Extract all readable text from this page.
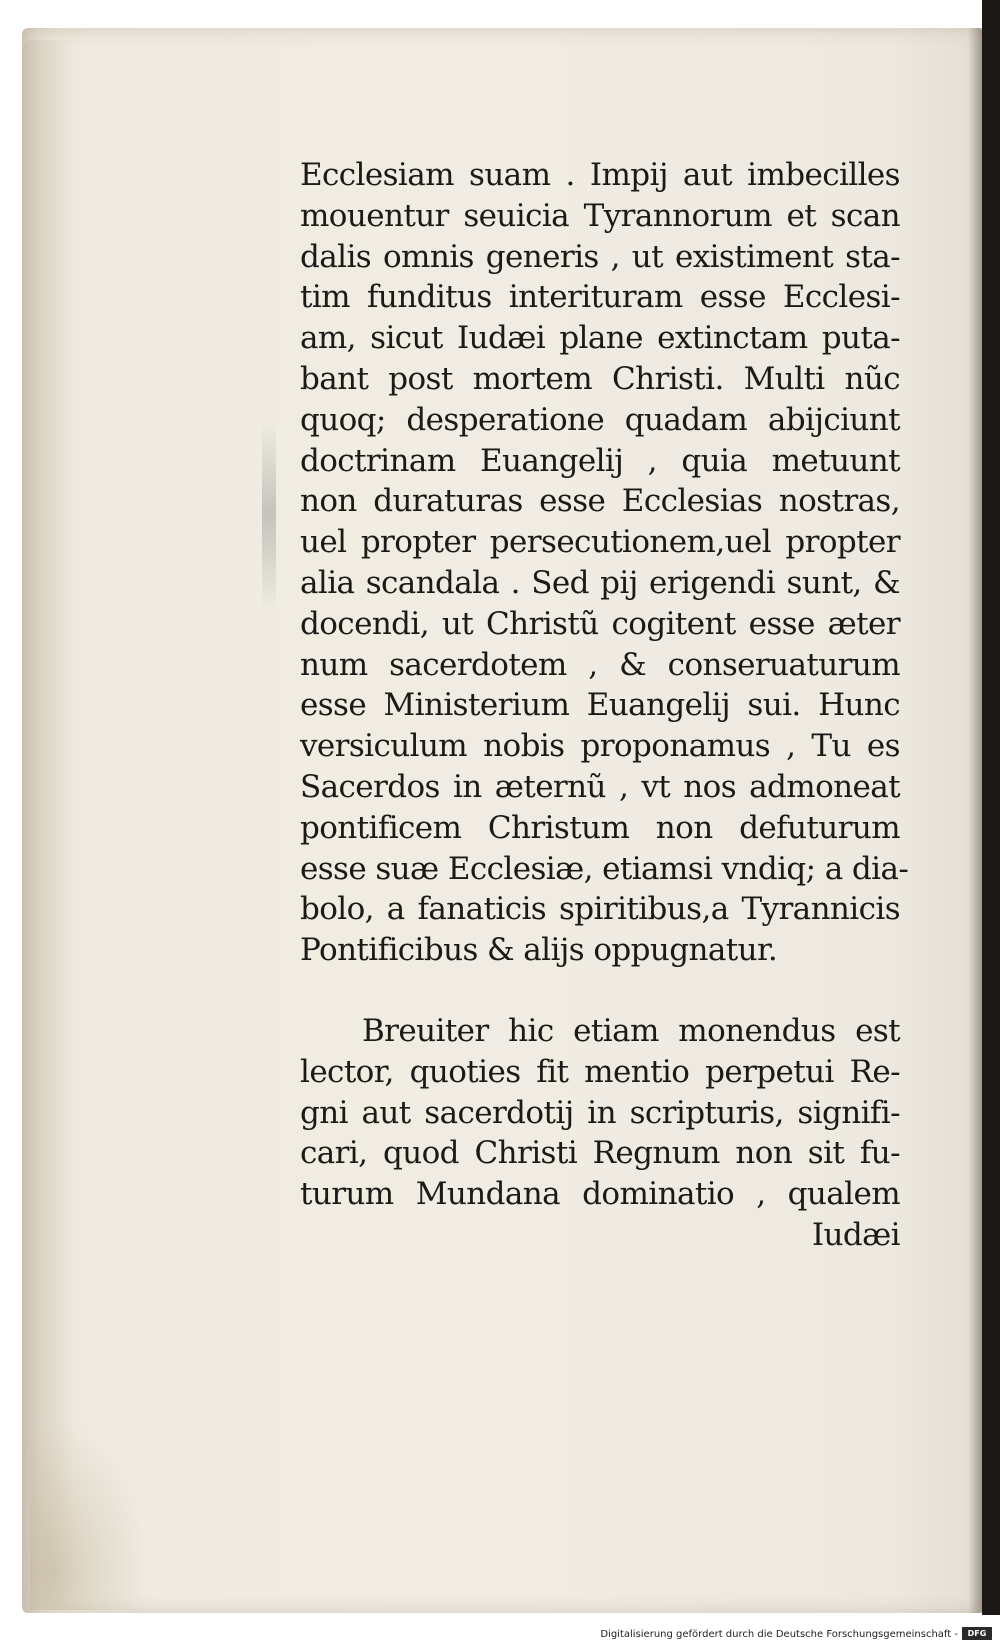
Ecclesiam suam . Impij aut imbecilles
mouentur seuicia Tyrannorum et scan
dalis omnis generis , ut existiment sta-
tim funditus interituram esse Ecclesi-
am, sicut Iudæi plane extinctam puta-
bant post mortem Christi. Multi nũc
quoq; desperatione quadam abijciunt
doctrinam Euangelij , quia metuunt
non duraturas esse Ecclesias nostras,
uel propter persecutionem,uel propter
alia scandala . Sed pij erigendi sunt, &
docendi, ut Christũ cogitent esse æter
num sacerdotem , & conseruaturum
esse Ministerium Euangelij sui. Hunc
versiculum nobis proponamus , Tu es
Sacerdos in æternũ , vt nos admoneat
pontificem Christum non defuturum
esse suæ Ecclesiæ, etiamsi vndiq; a dia-
bolo, a fanaticis spiritibus,a Tyrannicis
Pontificibus & alijs oppugnatur.
Breuiter hic etiam monendus est
lector, quoties fit mentio perpetui Re-
gni aut sacerdotij in scripturis, signifi-
cari, quod Christi Regnum non sit fu-
turum Mundana dominatio , qualem
Iudæi
Digitalisierung gefördert durch die Deutsche Forschungsgemeinschaft -	DFG
